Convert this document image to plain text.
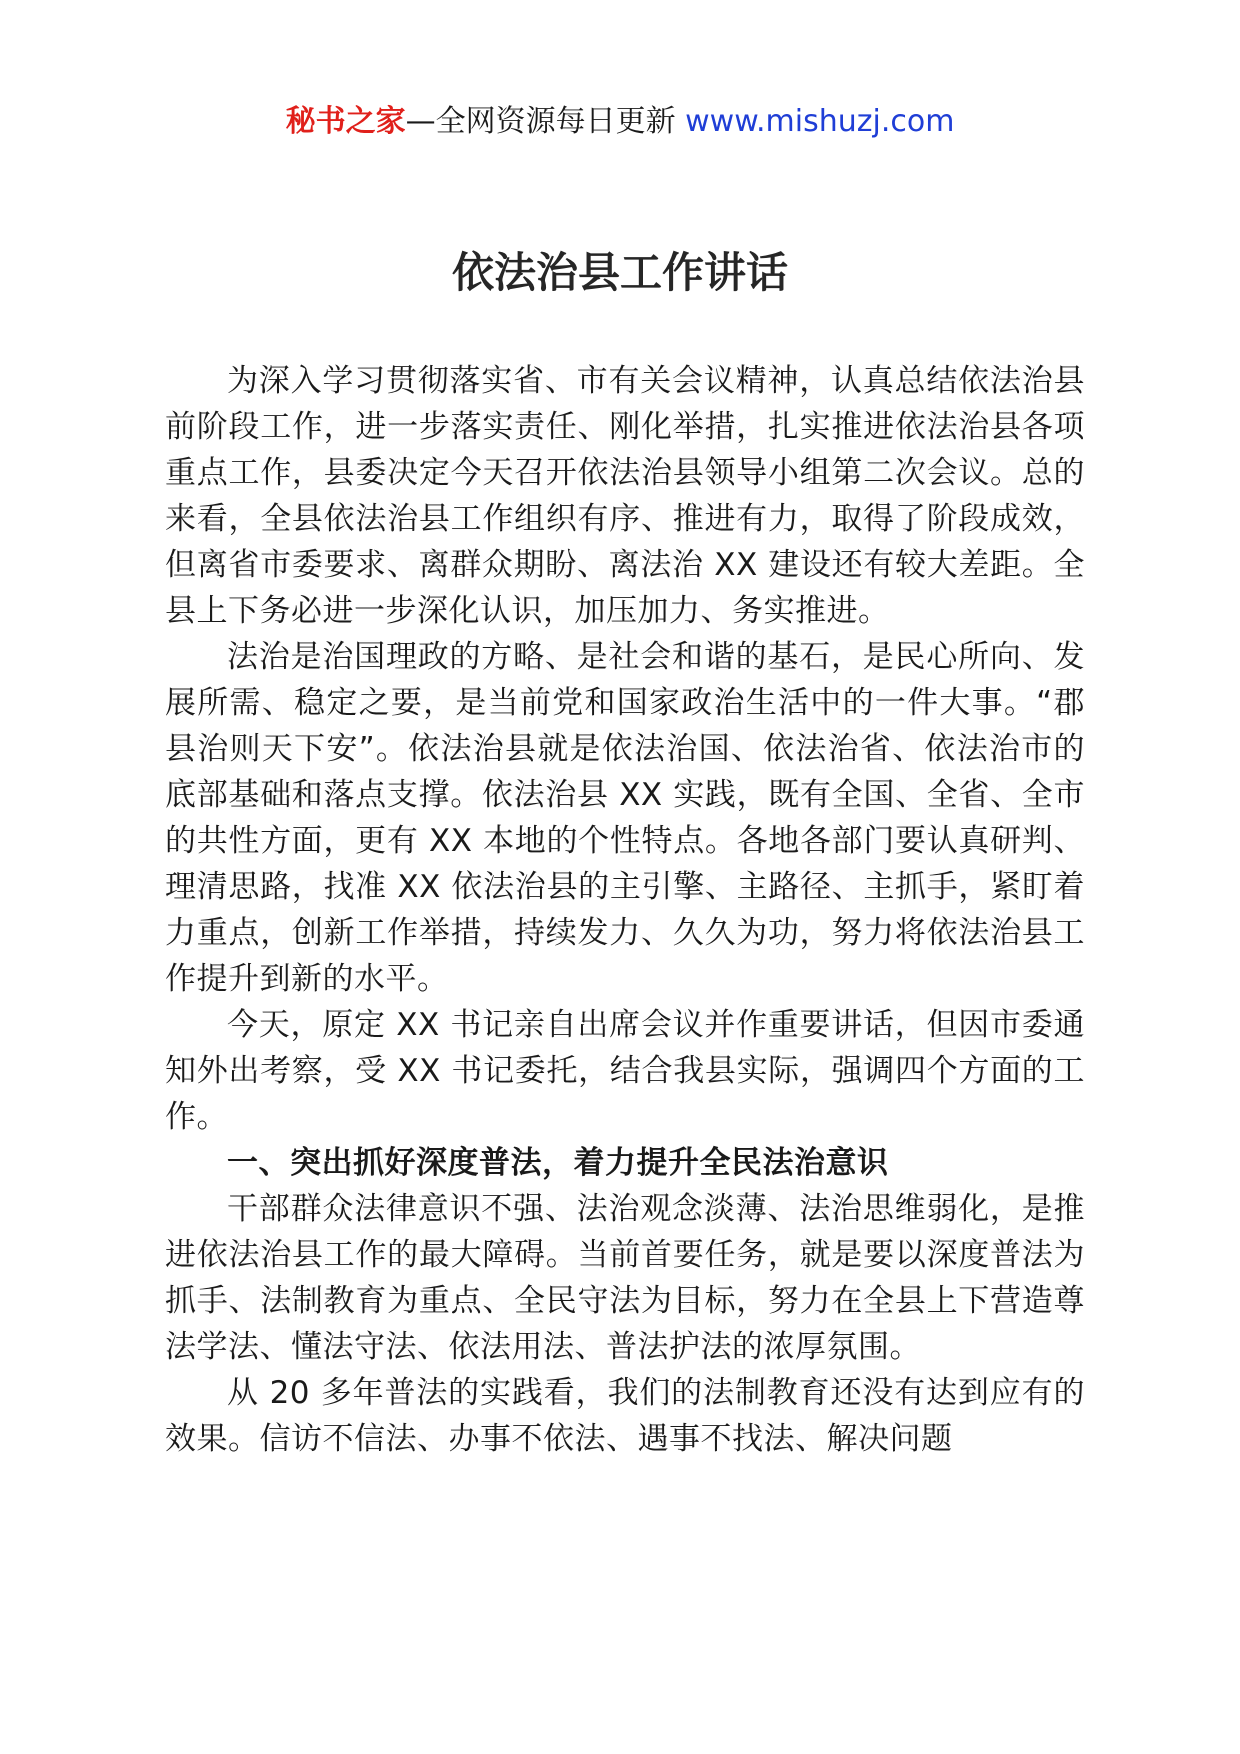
秘书之家—全网资源每日更新 www.mishuzj.com
依法治县工作讲话

为深入学习贯彻落实省、市有关会议精神，认真总结依法治县前阶段工作，进一步落实责任、刚化举措，扎实推进依法治县各项重点工作，县委决定今天召开依法治县领导小组第二次会议。总的来看，全县依法治县工作组织有序、推进有力，取得了阶段成效，但离省市委要求、离群众期盼、离法治 XX 建设还有较大差距。全县上下务必进一步深化认识，加压加力、务实推进。

法治是治国理政的方略、是社会和谐的基石，是民心所向、发展所需、稳定之要，是当前党和国家政治生活中的一件大事。“郡县治则天下安”。依法治县就是依法治国、依法治省、依法治市的底部基础和落点支撑。依法治县 XX 实践，既有全国、全省、全市的共性方面，更有 XX 本地的个性特点。各地各部门要认真研判、理清思路，找准 XX 依法治县的主引擎、主路径、主抓手，紧盯着力重点，创新工作举措，持续发力、久久为功，努力将依法治县工作提升到新的水平。

今天，原定 XX 书记亲自出席会议并作重要讲话，但因市委通知外出考察，受 XX 书记委托，结合我县实际，强调四个方面的工作。

一、突出抓好深度普法，着力提升全民法治意识

干部群众法律意识不强、法治观念淡薄、法治思维弱化，是推进依法治县工作的最大障碍。当前首要任务，就是要以深度普法为抓手、法制教育为重点、全民守法为目标，努力在全县上下营造尊法学法、懂法守法、依法用法、普法护法的浓厚氛围。

从 20 多年普法的实践看，我们的法制教育还没有达到应有的效果。信访不信法、办事不依法、遇事不找法、解决问题
